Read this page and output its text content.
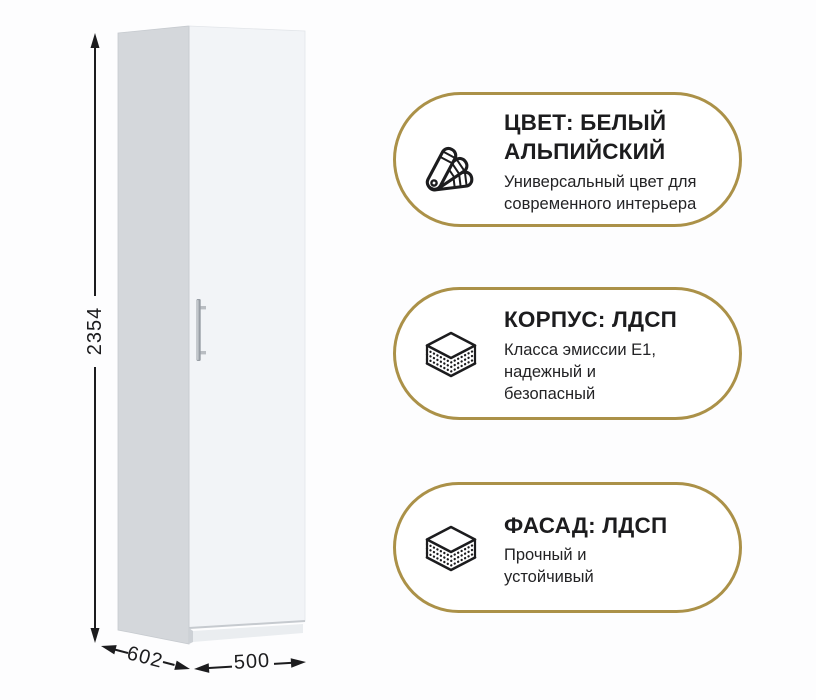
2354
602	500
ЦВЕТ: БЕЛЫЙ
АЛЬПИЙСКИЙ
Универсальный цвет для
современного интерьера
КОРПУС: ЛДСП
Класса эмиссии Е1,
надежный и
безопасный
ФАСАД: ЛДСП
Прочный и
устойчивый
